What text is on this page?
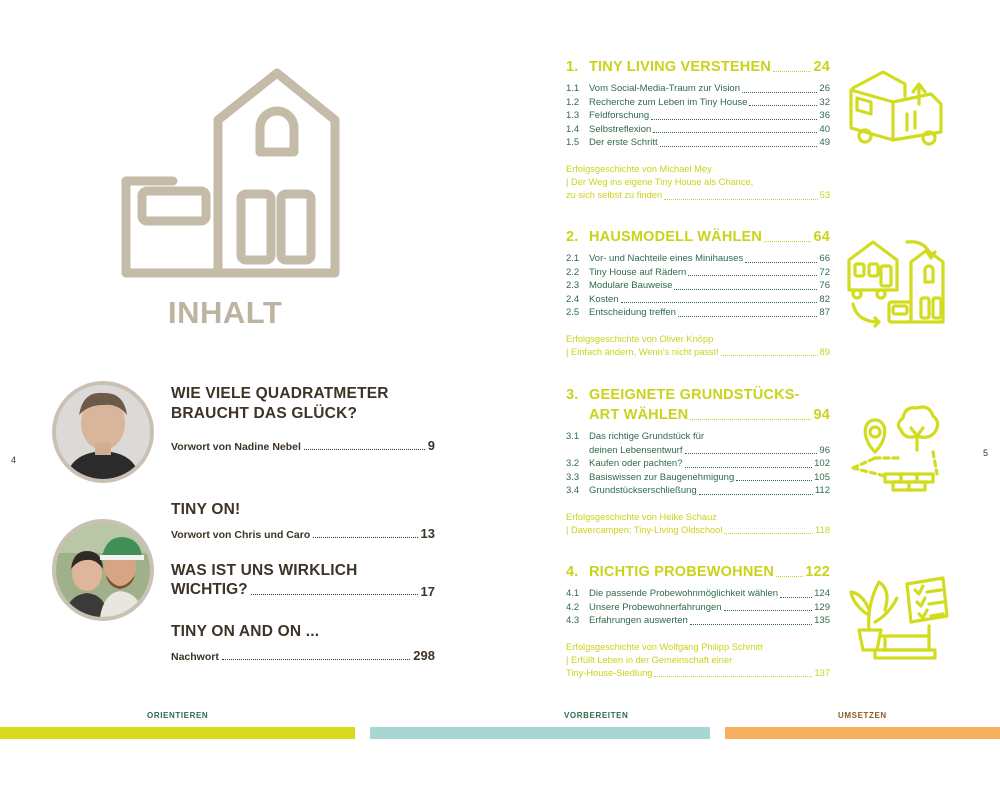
INHALT
4
WIE VIELE QUADRATMETER
BRAUCHT DAS GLÜCK?
Vorwort von Nadine Nebel	9
TINY ON!
Vorwort von Chris und Caro	13
WAS IST UNS WIRKLICH
WICHTIG?	17
TINY ON AND ON ...
Nachwort	298
5
1. TINY LIVING VERSTEHEN	24
1.1	Vom Social-Media-Traum zur Vision	26
1.2	Recherche zum Leben im Tiny House	32
1.3	Feldforschung	36
1.4	Selbstreflexion	40
1.5	Der erste Schritt	49
Erfolgsgeschichte von Michael Mey
| Der Weg ins eigene Tiny House als Chance,
zu sich selbst zu finden	53
2. HAUSMODELL WÄHLEN	64
2.1	Vor- und Nachteile eines Minihauses	66
2.2	Tiny House auf Rädern	72
2.3	Modulare Bauweise	76
2.4	Kosten	82
2.5	Entscheidung treffen	87
Erfolgsgeschichte von Oliver Knöpp
| Einfach ändern, Wenn's nicht passt!	89
3. GEEIGNETE GRUNDSTÜCKS-
ART WÄHLEN	94
3.1	Das richtige Grundstück für
deinen Lebensentwurf	96
3.2	Kaufen oder pachten?	102
3.3	Basiswissen zur Baugenehmigung	105
3.4	Grundstückserschließung	112
Erfolgsgeschichte von Heike Schauz
| Davercampen: Tiny-Living Oldschool	118
4. RICHTIG PROBEWOHNEN 122
4.1	Die passende Probewohnmöglichkeit wählen	124
4.2	Unsere Probewohnerfahrungen	129
4.3	Erfahrungen auswerten	135
Erfolgsgeschichte von Wolfgang Philipp Schmitt
| Erfüllt Leben in der Gemeinschaft einer
Tiny-House-Siedlung	137
ORIENTIEREN	VORBEREITEN	UMSETZEN
